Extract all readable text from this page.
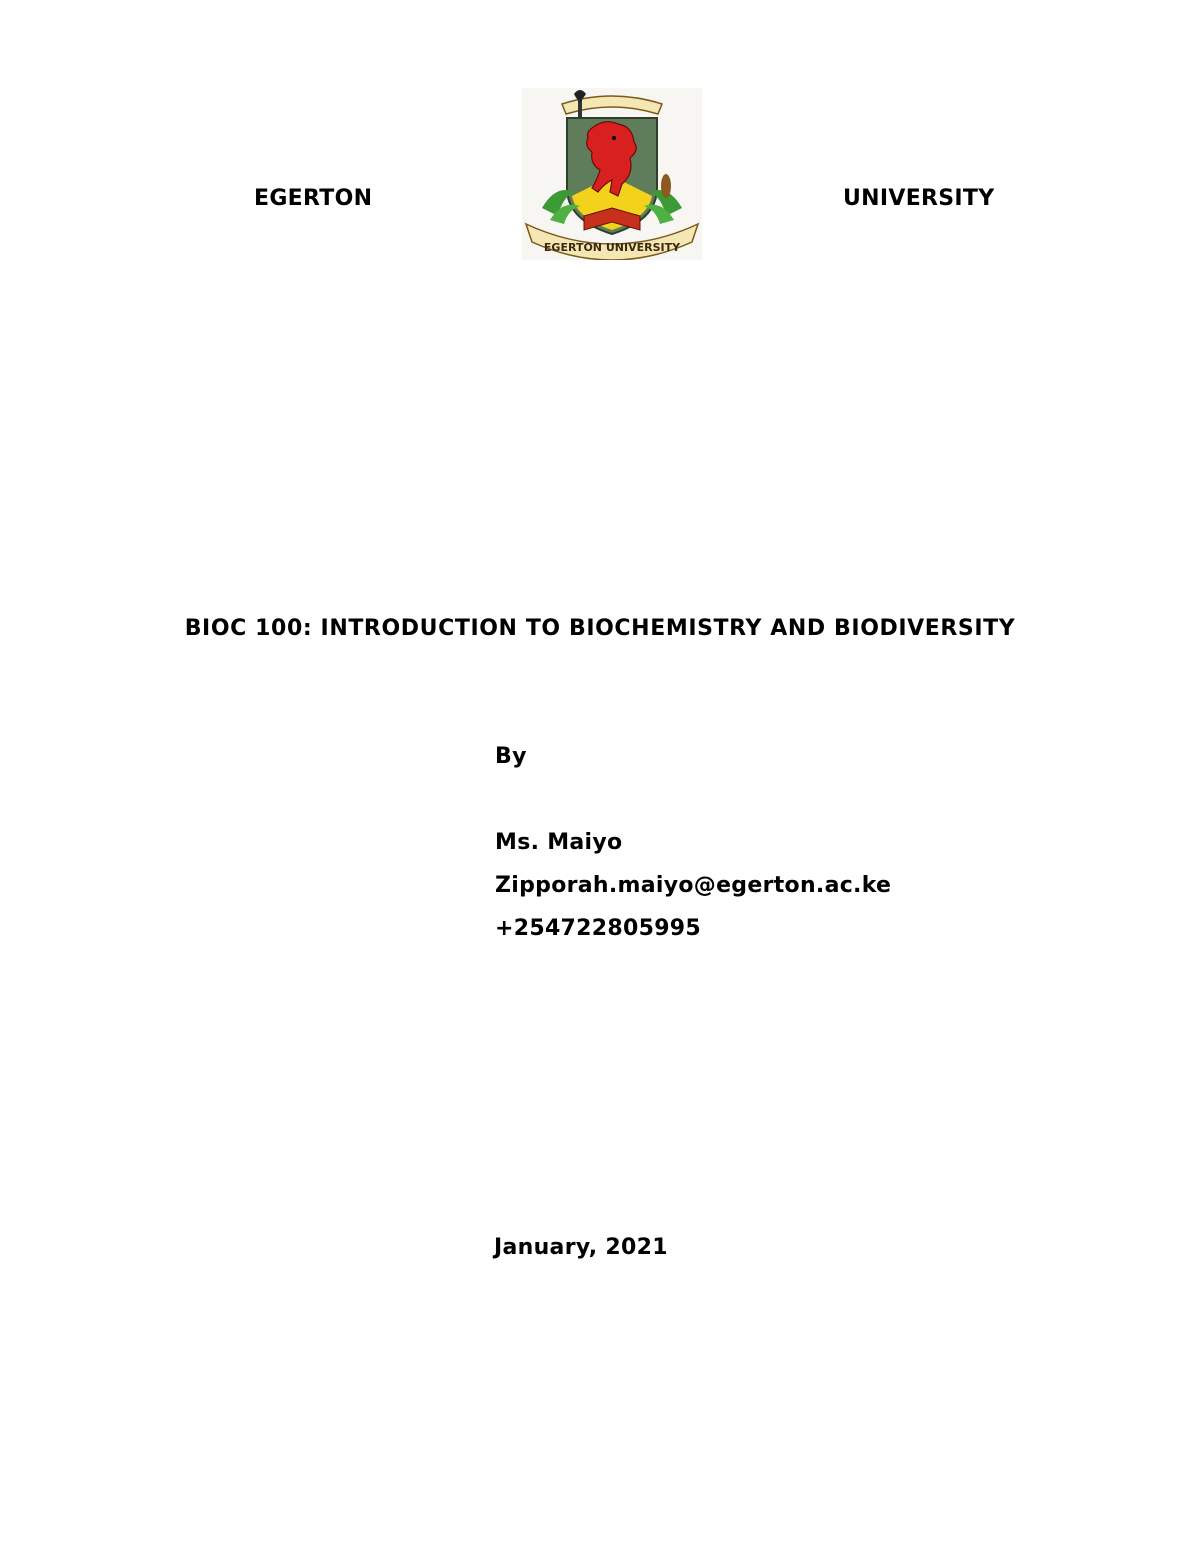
EGERTON
EGERTON UNIVERSITY
UNIVERSITY
BIOC 100: INTRODUCTION TO BIOCHEMISTRY AND BIODIVERSITY
By
Ms. Maiyo
Zipporah.maiyo@egerton.ac.ke
+254722805995
January, 2021
